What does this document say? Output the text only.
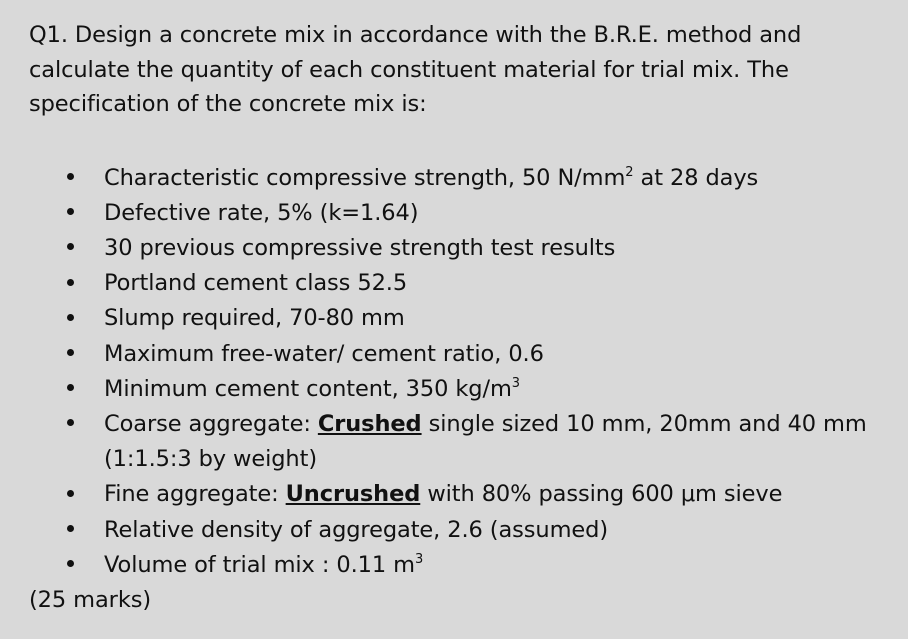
Q1. Design a concrete mix in accordance with the B.R.E. method and calculate the quantity of each constituent material for trial mix. The specification of the concrete mix is:

Characteristic compressive strength, 50 $N/mm^2$ at 28 days
Defective rate, 5% (k=1.64)
30 previous compressive strength test results
Portland cement class 52.5
Slump required, 70-80 mm
Maximum free-water/ cement ratio, 0.6
Minimum cement content, 350 $kg/m^3$
Coarse aggregate: Crushed single sized 10 mm, 20mm and 40 mm (1:1.5:3 by weight)
Fine aggregate: Uncrushed with 80% passing 600 μm sieve
Relative density of aggregate, 2.6 (assumed)
Volume of trial mix : 0.11 $m^3$

(25 marks)
